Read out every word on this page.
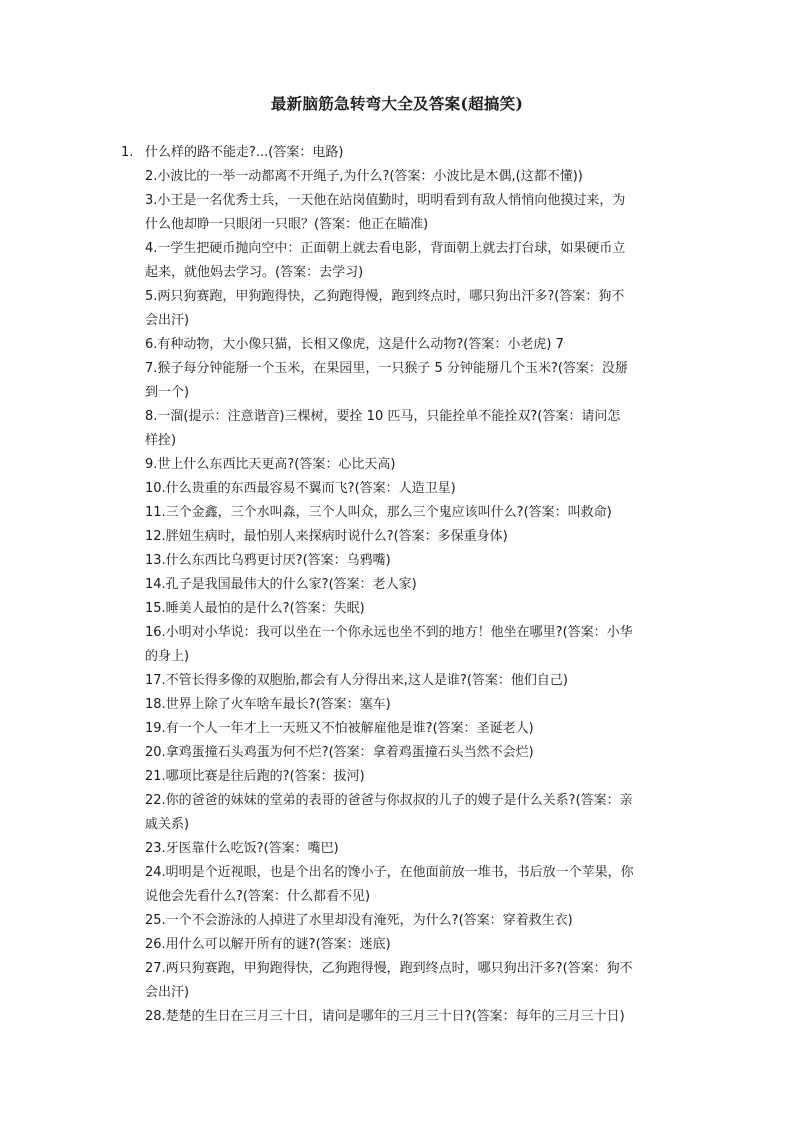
最新脑筋急转弯大全及答案(超搞笑)
1. 什么样的路不能走?...(答案：电路)
2.小波比的一举一动都离不开绳子,为什么?(答案：小波比是木偶,(这都不懂))
3.小王是一名优秀士兵，一天他在站岗值勤时，明明看到有敌人悄悄向他摸过来，为
什么他却睁一只眼闭一只眼？(答案：他正在瞄准)
4.一学生把硬币抛向空中：正面朝上就去看电影，背面朝上就去打台球，如果硬币立
起来，就他妈去学习。(答案：去学习)
5.两只狗赛跑，甲狗跑得快，乙狗跑得慢，跑到终点时，哪只狗出汗多?(答案：狗不
会出汗)
6.有种动物，大小像只猫，长相又像虎，这是什么动物?(答案：小老虎) 7
7.猴子每分钟能掰一个玉米，在果园里，一只猴子 5 分钟能掰几个玉米?(答案：没掰
到一个)
8.一溜(提示：注意谐音)三棵树，要拴 10 匹马，只能拴单不能拴双?(答案：请问怎
样拴)
9.世上什么东西比天更高?(答案：心比天高)
10.什么贵重的东西最容易不翼而飞?(答案：人造卫星)
11.三个金鑫，三个水叫淼，三个人叫众，那么三个鬼应该叫什么?(答案：叫救命)
12.胖妞生病时，最怕别人来探病时说什么?(答案：多保重身体)
13.什么东西比乌鸦更讨厌?(答案：乌鸦嘴)
14.孔子是我国最伟大的什么家?(答案：老人家)
15.睡美人最怕的是什么?(答案：失眠)
16.小明对小华说：我可以坐在一个你永远也坐不到的地方！他坐在哪里?(答案：小华
的身上)
17.不管长得多像的双胞胎,都会有人分得出来,这人是谁?(答案：他们自己)
18.世界上除了火车啥车最长?(答案：塞车)
19.有一个人一年才上一天班又不怕被解雇他是谁?(答案：圣诞老人)
20.拿鸡蛋撞石头鸡蛋为何不烂?(答案：拿着鸡蛋撞石头当然不会烂)
21.哪项比赛是往后跑的?(答案：拔河)
22.你的爸爸的妹妹的堂弟的表哥的爸爸与你叔叔的儿子的嫂子是什么关系?(答案：亲
戚关系)
23.牙医靠什么吃饭?(答案：嘴巴)
24.明明是个近视眼，也是个出名的馋小子，在他面前放一堆书，书后放一个苹果，你
说他会先看什么?(答案：什么都看不见)
25.一个不会游泳的人掉进了水里却没有淹死，为什么?(答案：穿着救生衣)
26.用什么可以解开所有的谜?(答案：迷底)
27.两只狗赛跑，甲狗跑得快，乙狗跑得慢，跑到终点时，哪只狗出汗多?(答案：狗不
会出汗)
28.楚楚的生日在三月三十日，请问是哪年的三月三十日?(答案：每年的三月三十日)
